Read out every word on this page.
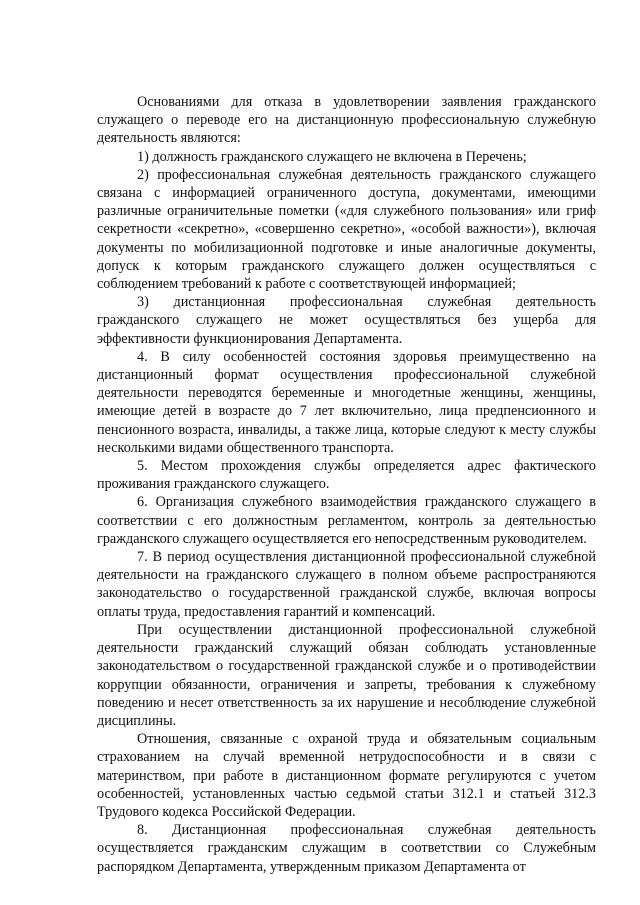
Основаниями для отказа в удовлетворении заявления гражданского служащего о переводе его на дистанционную профессиональную служебную деятельность являются:

1) должность гражданского служащего не включена в Перечень;

2) профессиональная служебная деятельность гражданского служащего связана с информацией ограниченного доступа, документами, имеющими различные ограничительные пометки («для служебного пользования» или гриф секретности «секретно», «совершенно секретно», «особой важности»), включая документы по мобилизационной подготовке и иные аналогичные документы, допуск к которым гражданского служащего должен осуществляться с соблюдением требований к работе с соответствующей информацией;

3) дистанционная профессиональная служебная деятельность гражданского служащего не может осуществляться без ущерба для эффективности функционирования Департамента.

4. В силу особенностей состояния здоровья преимущественно на дистанционный формат осуществления профессиональной служебной деятельности переводятся беременные и многодетные женщины, женщины, имеющие детей в возрасте до 7 лет включительно, лица предпенсионного и пенсионного возраста, инвалиды, а также лица, которые следуют к месту службы несколькими видами общественного транспорта.

5. Местом прохождения службы определяется адрес фактического проживания гражданского служащего.

6. Организация служебного взаимодействия гражданского служащего в соответствии с его должностным регламентом, контроль за деятельностью гражданского служащего осуществляется его непосредственным руководителем.

7. В период осуществления дистанционной профессиональной служебной деятельности на гражданского служащего в полном объеме распространяются законодательство о государственной гражданской службе, включая вопросы оплаты труда, предоставления гарантий и компенсаций.

При осуществлении дистанционной профессиональной служебной деятельности гражданский служащий обязан соблюдать установленные законодательством о государственной гражданской службе и о противодействии коррупции обязанности, ограничения и запреты, требования к служебному поведению и несет ответственность за их нарушение и несоблюдение служебной дисциплины.

Отношения, связанные с охраной труда и обязательным социальным страхованием на случай временной нетрудоспособности и в связи с материнством, при работе в дистанционном формате регулируются с учетом особенностей, установленных частью седьмой статьи 312.1 и статьей 312.3 Трудового кодекса Российской Федерации.

8. Дистанционная профессиональная служебная деятельность осуществляется гражданским служащим в соответствии со Служебным распорядком Департамента, утвержденным приказом Департамента от
